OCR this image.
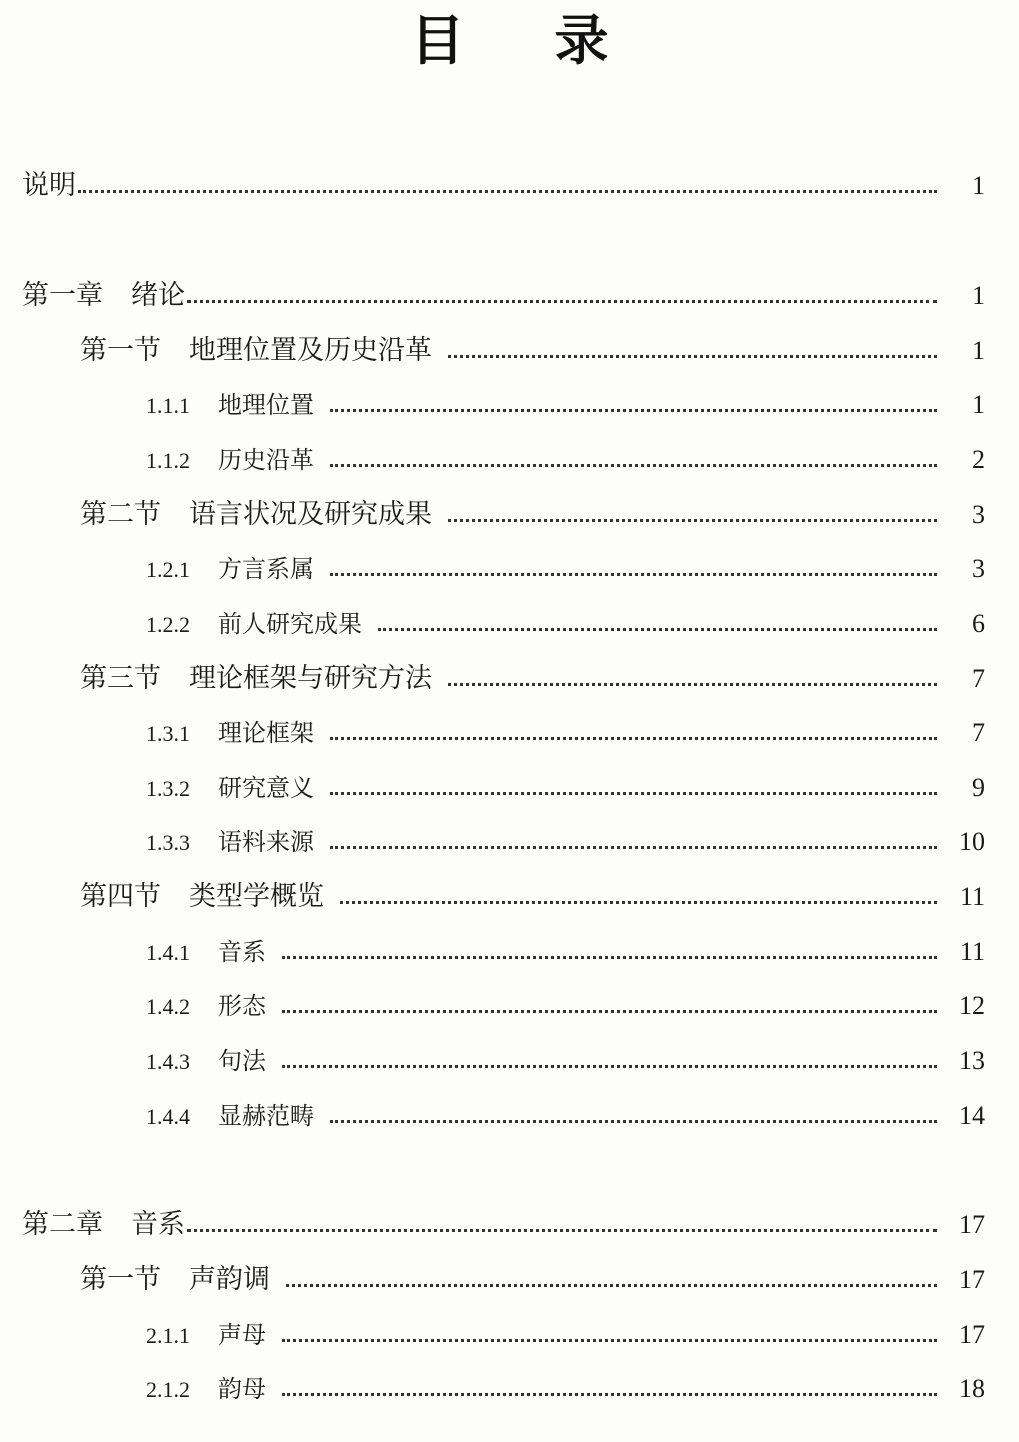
目 录
说明	1
第一章 绪论	1
第一节 地理位置及历史沿革	1
1.1.1 地理位置	1
1.1.2 历史沿革	2
第二节 语言状况及研究成果	3
1.2.1 方言系属	3
1.2.2 前人研究成果	6
第三节 理论框架与研究方法	7
1.3.1 理论框架	7
1.3.2 研究意义	9
1.3.3 语料来源	10
第四节 类型学概览	11
1.4.1 音系	11
1.4.2 形态	12
1.4.3 句法	13
1.4.4 显赫范畴	14
第二章 音系	17
第一节 声韵调	17
2.1.1 声母	17
2.1.2 韵母	18
